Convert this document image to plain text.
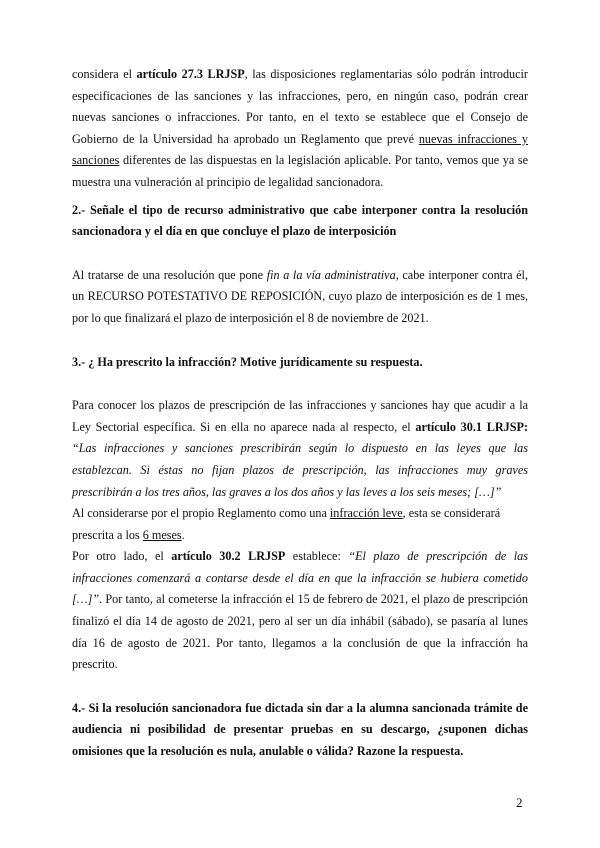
considera el artículo 27.3 LRJSP, las disposiciones reglamentarias sólo podrán introducir especificaciones de las sanciones y las infracciones, pero, en ningún caso, podrán crear nuevas sanciones o infracciones. Por tanto, en el texto se establece que el Consejo de Gobierno de la Universidad ha aprobado un Reglamento que prevé nuevas infracciones y sanciones diferentes de las dispuestas en la legislación aplicable. Por tanto, vemos que ya se muestra una vulneración al principio de legalidad sancionadora.

2.- Señale el tipo de recurso administrativo que cabe interponer contra la resolución sancionadora y el día en que concluye el plazo de interposición

Al tratarse de una resolución que pone fin a la vía administrativa, cabe interponer contra él, un RECURSO POTESTATIVO DE REPOSICIÓN, cuyo plazo de interposición es de 1 mes, por lo que finalizará el plazo de interposición el 8 de noviembre de 2021.

3.- ¿ Ha prescrito la infracción? Motive jurídicamente su respuesta.

Para conocer los plazos de prescripción de las infracciones y sanciones hay que acudir a la Ley Sectorial específica. Si en ella no aparece nada al respecto, el artículo 30.1 LRJSP: “Las infracciones y sanciones prescribirán según lo dispuesto en las leyes que las establezcan. Si éstas no fijan plazos de prescripción, las infracciones muy graves prescribirán a los tres años, las graves a los dos años y las leves a los seis meses; […]”

Al considerarse por el propio Reglamento como una infracción leve, esta se considerará prescrita a los 6 meses.

Por otro lado, el artículo 30.2 LRJSP establece: “El plazo de prescripción de las infracciones comenzará a contarse desde el día en que la infracción se hubiera cometido […]”. Por tanto, al cometerse la infracción el 15 de febrero de 2021, el plazo de prescripción finalizó el día 14 de agosto de 2021, pero al ser un día inhábil (sábado), se pasaría al lunes día 16 de agosto de 2021. Por tanto, llegamos a la conclusión de que la infracción ha prescrito.

4.- Si la resolución sancionadora fue dictada sin dar a la alumna sancionada trámite de audiencia ni posibilidad de presentar pruebas en su descargo, ¿suponen dichas omisiones que la resolución es nula, anulable o válida? Razone la respuesta.
2
